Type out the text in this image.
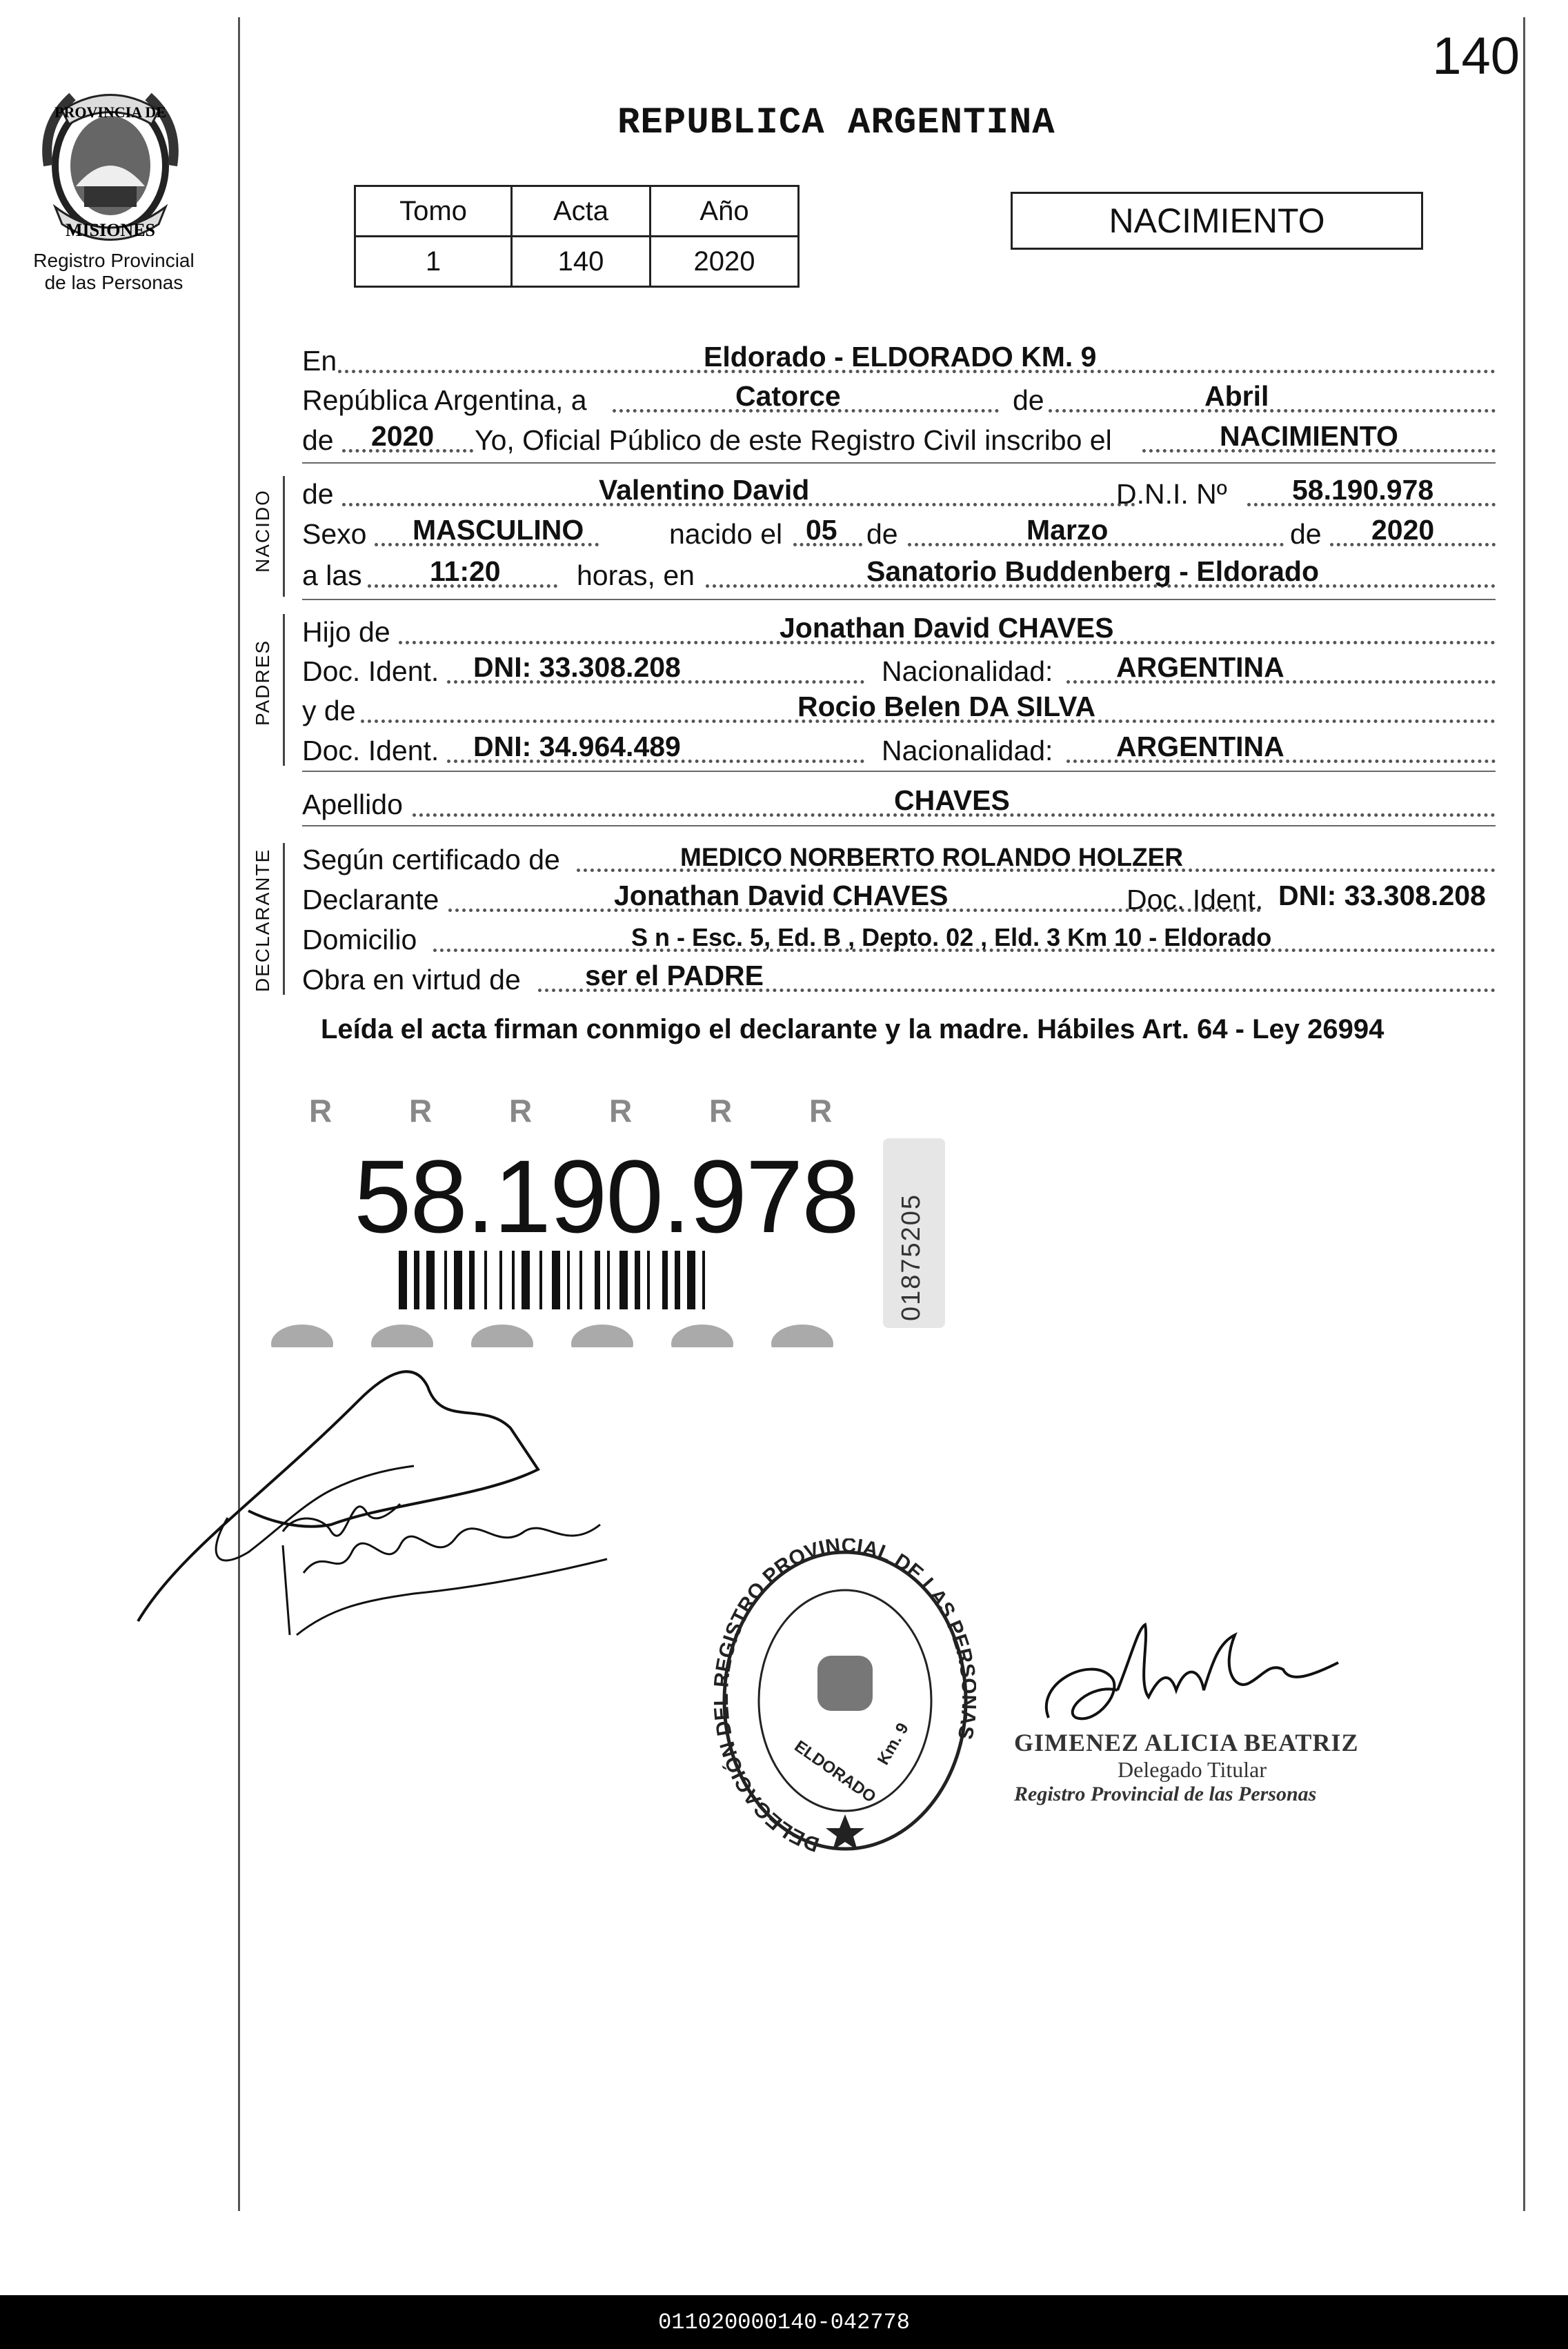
140
PROVINCIA DE
MISIONES
Registro Provincial
de las Personas
REPUBLICA ARGENTINA
Tomo	Acta	Año
1	140	2020
NACIMIENTO
En	Eldorado - ELDORADO KM. 9
República Argentina, a	Catorce	de	Abril
de 2020 Yo, Oficial Público de este Registro Civil inscribo el	NACIMIENTO
NACIDO de	Valentino David	D.N.I. Nº 58.190.978
Sexo MASCULINO	nacido el 05 de	Marzo	de 2020
a las 11:20	horas, en	Sanatorio Buddenberg - Eldorado
PADRES
Hijo de	Jonathan David CHAVES
Doc. Ident. DNI: 33.308.208	Nacionalidad: ARGENTINA
y de	Rocio Belen DA SILVA
Doc. Ident. DNI: 34.964.489	Nacionalidad: ARGENTINA
Apellido	CHAVES
DECLARANTE Según certificado de	MEDICO NORBERTO ROLANDO HOLZER
Declarante	Jonathan David CHAVES	Doc. Ident. DNI: 33.308.208
Domicilio	S n - Esc. 5, Ed. B , Depto. 02 , Eld. 3 Km 10 - Eldorado
Obra en virtud de ser el PADRE
Leída el acta firman conmigo el declarante y la madre. Hábiles Art. 64 - Ley 26994
R R R R R R
58.190.978 01875205
DELEGACIÓN EGISTRO PROVINCIAL DE LAS PER S
ELDORADO
Km. 9	GIMENEZ ALICIA BEATRIZ
Delegado Titular
Registro Provincial de las Personas
011020000140-042778
